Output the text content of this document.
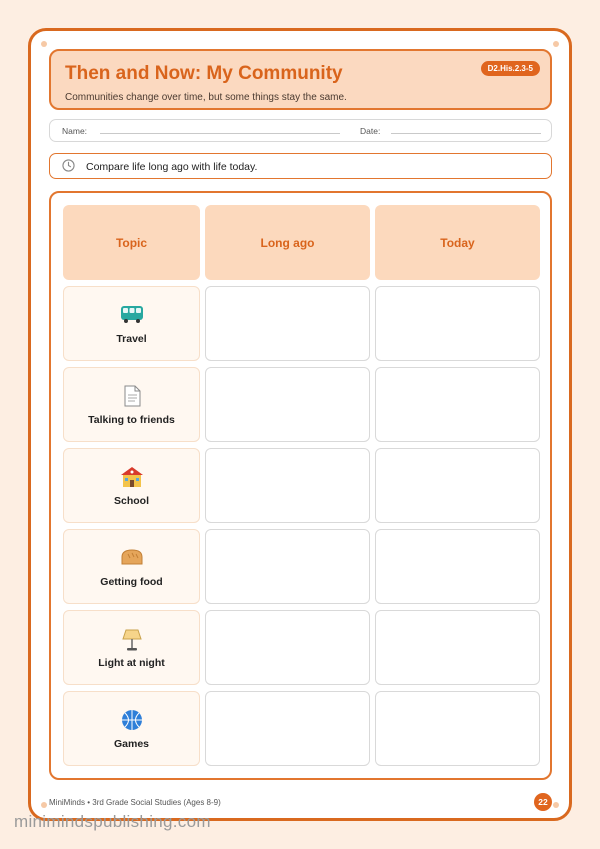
Then and Now: My Community
Communities change over time, but some things stay the same.
D2.His.2.3-5
Name:	Date:
Compare life long ago with life today.
Topic	Long ago	Today
Travel
Talking to friends
School
Getting food
Light at night
Games
MiniMinds • 3rd Grade Social Studies (Ages 8-9)	22
minimindspublishing.com
